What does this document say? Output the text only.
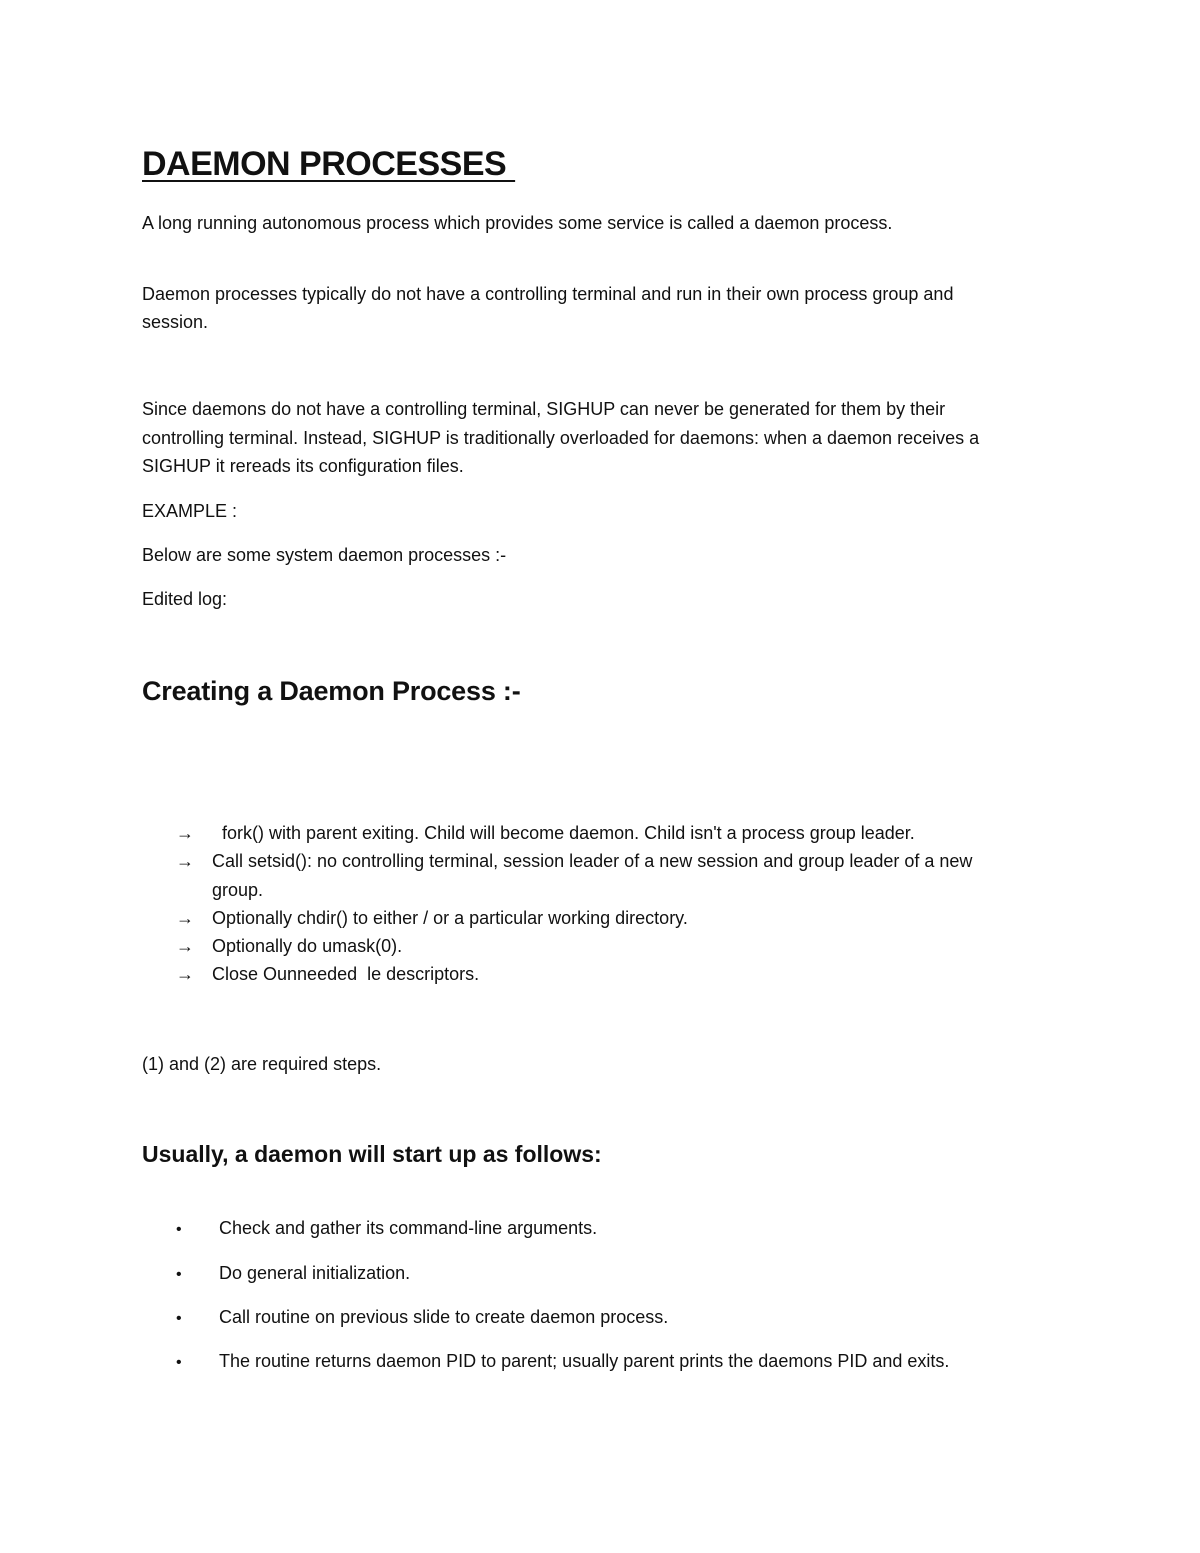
DAEMON PROCESSES
A long running autonomous process which provides some service is called a daemon process.
Daemon processes typically do not have a controlling terminal and run in their own process group and
session.
Since daemons do not have a controlling terminal, SIGHUP can never be generated for them by their
controlling terminal. Instead, SIGHUP is traditionally overloaded for daemons: when a daemon receives a
SIGHUP it rereads its configuration files.
EXAMPLE :
Below are some system daemon processes :-
Edited log:
Creating a Daemon Process :-
→  fork() with parent exiting. Child will become daemon. Child isn't a process group leader.
→ Call setsid(): no controlling terminal, session leader of a new session and group leader of a new
group.
→ Optionally chdir() to either / or a particular working directory.
→ Optionally do umask(0).
→ Close Ounneeded  le descriptors.
(1) and (2) are required steps.
Usually, a daemon will start up as follows:
• Check and gather its command-line arguments.
• Do general initialization.
• Call routine on previous slide to create daemon process.
• The routine returns daemon PID to parent; usually parent prints the daemons PID and exits.
